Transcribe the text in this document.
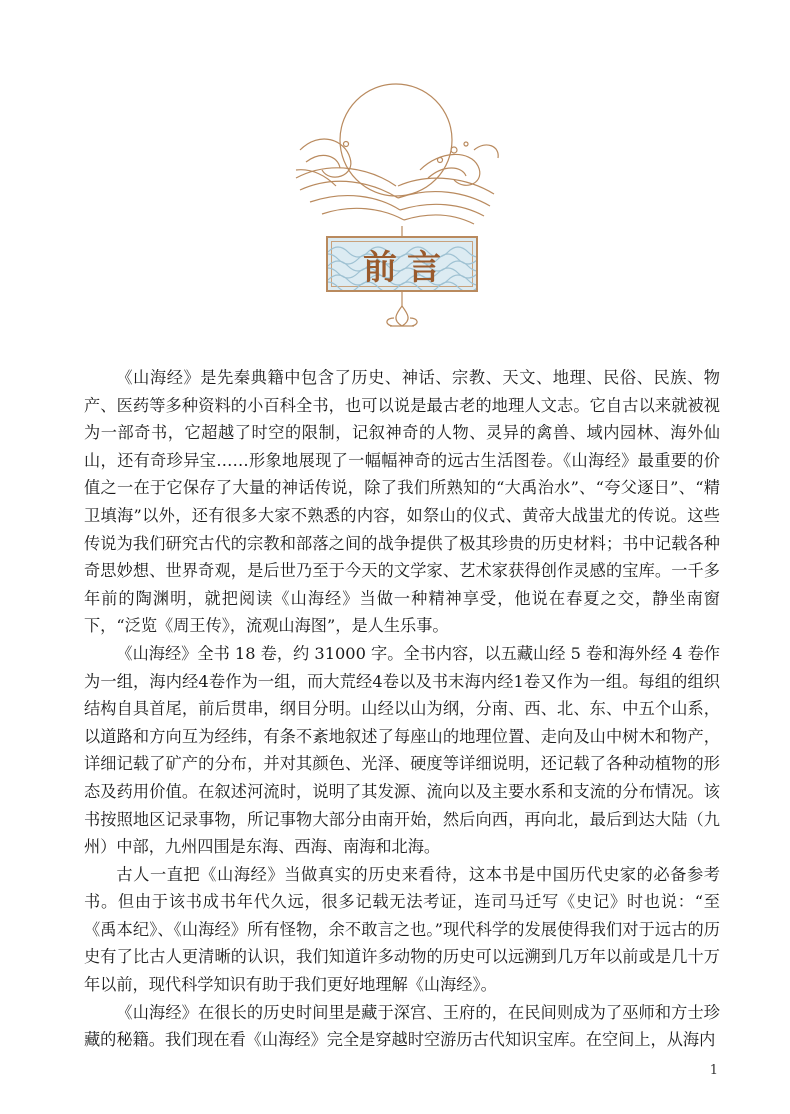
前言

《山海经》是先秦典籍中包含了历史、神话、宗教、天文、地理、民俗、民族、物产、医药等多种资料的小百科全书，也可以说是最古老的地理人文志。它自古以来就被视为一部奇书，它超越了时空的限制，记叙神奇的人物、灵异的禽兽、域内园林、海外仙山，还有奇珍异宝……形象地展现了一幅幅神奇的远古生活图卷。《山海经》最重要的价值之一在于它保存了大量的神话传说，除了我们所熟知的“大禹治水”、“夸父逐日”、“精卫填海”以外，还有很多大家不熟悉的内容，如祭山的仪式、黄帝大战蚩尤的传说。这些传说为我们研究古代的宗教和部落之间的战争提供了极其珍贵的历史材料；书中记载各种奇思妙想、世界奇观，是后世乃至于今天的文学家、艺术家获得创作灵感的宝库。一千多年前的陶渊明，就把阅读《山海经》当做一种精神享受，他说在春夏之交，静坐南窗下，“泛览《周王传》，流观山海图”，是人生乐事。

《山海经》全书 18 卷，约 31000 字。全书内容，以五藏山经 5 卷和海外经 4 卷作为一组，海内经4卷作为一组，而大荒经4卷以及书末海内经1卷又作为一组。每组的组织结构自具首尾，前后贯串，纲目分明。山经以山为纲，分南、西、北、东、中五个山系，以道路和方向互为经纬，有条不紊地叙述了每座山的地理位置、走向及山中树木和物产，详细记载了矿产的分布，并对其颜色、光泽、硬度等详细说明，还记载了各种动植物的形态及药用价值。在叙述河流时，说明了其发源、流向以及主要水系和支流的分布情况。该书按照地区记录事物，所记事物大部分由南开始，然后向西，再向北，最后到达大陆（九州）中部，九州四围是东海、西海、南海和北海。

古人一直把《山海经》当做真实的历史来看待，这本书是中国历代史家的必备参考书。但由于该书成书年代久远，很多记载无法考证，连司马迁写《史记》时也说：“至《禹本纪》、《山海经》所有怪物，余不敢言之也。”现代科学的发展使得我们对于远古的历史有了比古人更清晰的认识，我们知道许多动物的历史可以远溯到几万年以前或是几十万年以前，现代科学知识有助于我们更好地理解《山海经》。

《山海经》在很长的历史时间里是藏于深宫、王府的，在民间则成为了巫师和方士珍藏的秘籍。我们现在看《山海经》完全是穿越时空游历古代知识宝库。在空间上，从海内

1
